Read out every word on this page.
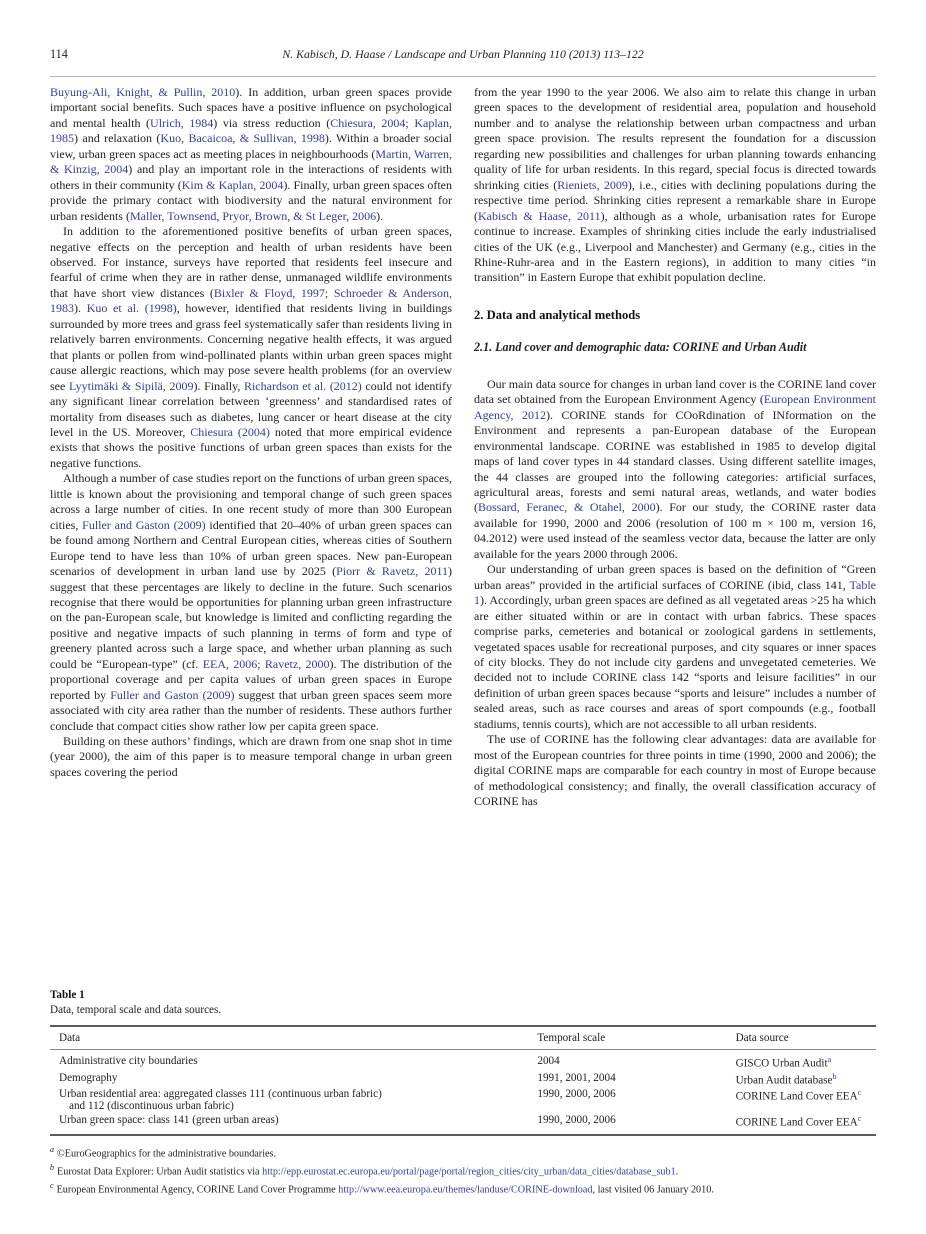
114	N. Kabisch, D. Haase / Landscape and Urban Planning 110 (2013) 113–122

Buyung-Ali, Knight, & Pullin, 2010). In addition, urban green spaces provide important social benefits. Such spaces have a positive influence on psychological and mental health (Ulrich, 1984) via stress reduction (Chiesura, 2004; Kaplan, 1985) and relaxation (Kuo, Bacaicoa, & Sullivan, 1998). Within a broader social view, urban green spaces act as meeting places in neighbourhoods (Martin, Warren, & Kinzig, 2004) and play an important role in the interactions of residents with others in their community (Kim & Kaplan, 2004). Finally, urban green spaces often provide the primary contact with biodiversity and the natural environment for urban residents (Maller, Townsend, Pryor, Brown, & St Leger, 2006).

In addition to the aforementioned positive benefits of urban green spaces, negative effects on the perception and health of urban residents have been observed. For instance, surveys have reported that residents feel insecure and fearful of crime when they are in rather dense, unmanaged wildlife environments that have short view distances (Bixler & Floyd, 1997; Schroeder & Anderson, 1983). Kuo et al. (1998), however, identified that residents living in buildings surrounded by more trees and grass feel systematically safer than residents living in relatively barren environments. Concerning negative health effects, it was argued that plants or pollen from wind-pollinated plants within urban green spaces might cause allergic reactions, which may pose severe health problems (for an overview see Lyytimäki & Sipilä, 2009). Finally, Richardson et al. (2012) could not identify any significant linear correlation between ‘greenness’ and standardised rates of mortality from diseases such as diabetes, lung cancer or heart disease at the city level in the US. Moreover, Chiesura (2004) noted that more empirical evidence exists that shows the positive functions of urban green spaces than exists for the negative functions.

Although a number of case studies report on the functions of urban green spaces, little is known about the provisioning and temporal change of such green spaces across a large number of cities. In one recent study of more than 300 European cities, Fuller and Gaston (2009) identified that 20–40% of urban green spaces can be found among Northern and Central European cities, whereas cities of Southern Europe tend to have less than 10% of urban green spaces. New pan-European scenarios of development in urban land use by 2025 (Piorr & Ravetz, 2011) suggest that these percentages are likely to decline in the future. Such scenarios recognise that there would be opportunities for planning urban green infrastructure on the pan-European scale, but knowledge is limited and conflicting regarding the positive and negative impacts of such planning in terms of form and type of greenery planted across such a large space, and whether urban planning as such could be “European-type” (cf. EEA, 2006; Ravetz, 2000). The distribution of the proportional coverage and per capita values of urban green spaces in Europe reported by Fuller and Gaston (2009) suggest that urban green spaces seem more associated with city area rather than the number of residents. These authors further conclude that compact cities show rather low per capita green space.

Building on these authors’ findings, which are drawn from one snap shot in time (year 2000), the aim of this paper is to measure temporal change in urban green spaces covering the period

from the year 1990 to the year 2006. We also aim to relate this change in urban green spaces to the development of residential area, population and household number and to analyse the relationship between urban compactness and urban green space provision. The results represent the foundation for a discussion regarding new possibilities and challenges for urban planning towards enhancing quality of life for urban residents. In this regard, special focus is directed towards shrinking cities (Rieniets, 2009), i.e., cities with declining populations during the respective time period. Shrinking cities represent a remarkable share in Europe (Kabisch & Haase, 2011), although as a whole, urbanisation rates for Europe continue to increase. Examples of shrinking cities include the early industrialised cities of the UK (e.g., Liverpool and Manchester) and Germany (e.g., cities in the Rhine-Ruhr-area and in the Eastern regions), in addition to many cities “in transition” in Eastern Europe that exhibit population decline.

2. Data and analytical methods
2.1. Land cover and demographic data: CORINE and Urban Audit

Our main data source for changes in urban land cover is the CORINE land cover data set obtained from the European Environment Agency (European Environment Agency, 2012). CORINE stands for COoRdination of INformation on the Environment and represents a pan-European database of the European environmental landscape. CORINE was established in 1985 to develop digital maps of land cover types in 44 standard classes. Using different satellite images, the 44 classes are grouped into the following categories: artificial surfaces, agricultural areas, forests and semi natural areas, wetlands, and water bodies (Bossard, Feranec, & Otahel, 2000). For our study, the CORINE raster data available for 1990, 2000 and 2006 (resolution of 100 m × 100 m, version 16, 04.2012) were used instead of the seamless vector data, because the latter are only available for the years 2000 through 2006.

Our understanding of urban green spaces is based on the definition of “Green urban areas” provided in the artificial surfaces of CORINE (ibid, class 141, Table 1). Accordingly, urban green spaces are defined as all vegetated areas >25 ha which are either situated within or are in contact with urban fabrics. These spaces comprise parks, cemeteries and botanical or zoological gardens in settlements, vegetated spaces usable for recreational purposes, and city squares or inner spaces of city blocks. They do not include city gardens and unvegetated cemeteries. We decided not to include CORINE class 142 “sports and leisure facilities” in our definition of urban green spaces because “sports and leisure” includes a number of sealed areas, such as race courses and areas of sport compounds (e.g., football stadiums, tennis courts), which are not accessible to all urban residents.

The use of CORINE has the following clear advantages: data are available for most of the European countries for three points in time (1990, 2000 and 2006); the digital CORINE maps are comparable for each country in most of Europe because of methodological consistency; and finally, the overall classification accuracy of CORINE has

Table 1
Data, temporal scale and data sources.
Data	Temporal scale	Data source
Administrative city boundaries	2004	GISCO Urban Audit$^a$
Demography	1991, 2001, 2004	Urban Audit database$^b$
Urban residential area: aggregated classes 111 (continuous urban fabric)
and 112 (discontinuous urban fabric)	1990, 2000, 2006	CORINE Land Cover EEA$^c$
Urban green space: class 141 (green urban areas)	1990, 2000, 2006	CORINE Land Cover EEA$^c$
$^a$ ©EuroGeographics for the administrative boundaries.
$^b$ Eurostat Data Explorer: Urban Audit statistics via http://epp.eurostat.ec.europa.eu/portal/page/portal/region_cities/city_urban/data_cities/database_sub1.
$^c$ European Environmental Agency, CORINE Land Cover Programme http://www.eea.europa.eu/themes/landuse/CORINE-download, last visited 06 January 2010.
